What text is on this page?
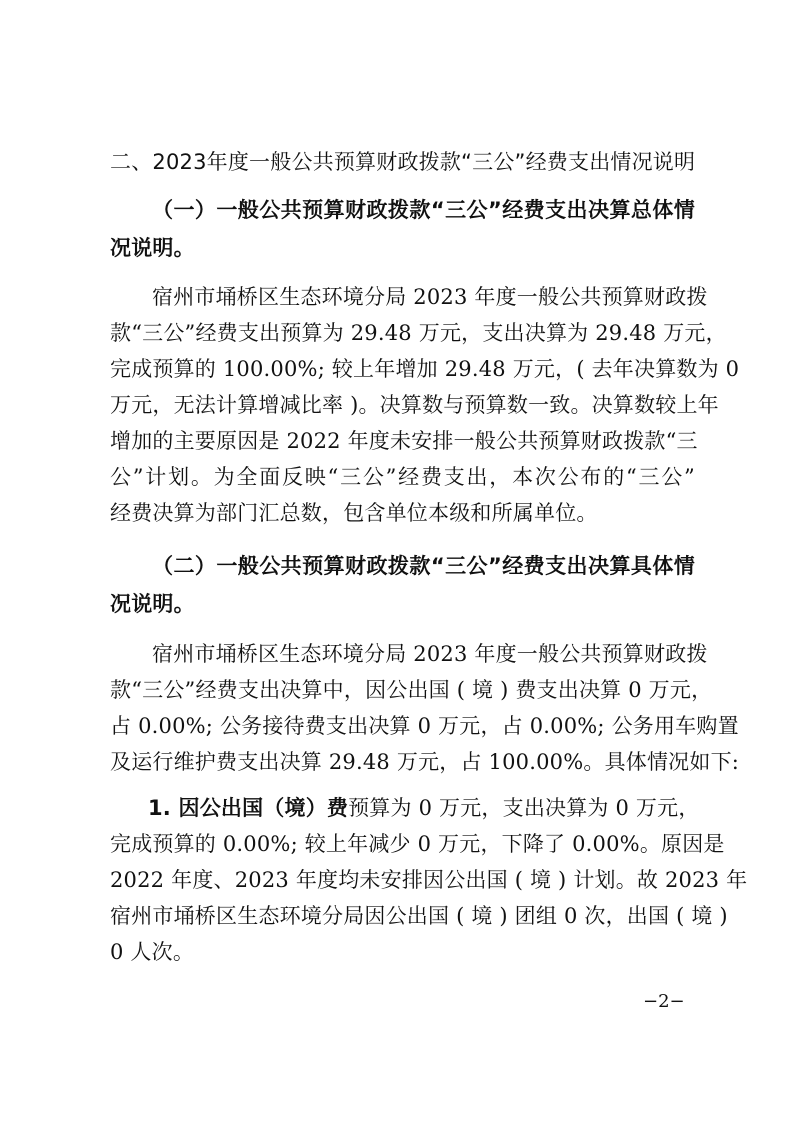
二、2023年度一般公共预算财政拨款“三公”经费支出情况说明
（一）一般公共预算财政拨款“三公”经费支出决算总体情
况说明。
宿州市埇桥区生态环境分局 2023 年度一般公共预算财政拨
款“三公”经费支出预算为 29.48 万元，支出决算为 29.48 万元，
完成预算的 100.00%; 较上年增加 29.48 万元，( 去年决算数为 0
万元，无法计算增减比率 )。决算数与预算数一致。决算数较上年
增加的主要原因是 2022 年度未安排一般公共预算财政拨款“三
公”计划。为全面反映“三公”经费支出，本次公布的“三公”
经费决算为部门汇总数，包含单位本级和所属单位。
（二）一般公共预算财政拨款“三公”经费支出决算具体情
况说明。
宿州市埇桥区生态环境分局 2023 年度一般公共预算财政拨
款“三公”经费支出决算中，因公出国 ( 境 ) 费支出决算 0 万元，
占 0.00%; 公务接待费支出决算 0 万元，占 0.00%; 公务用车购置
及运行维护费支出决算 29.48 万元，占 100.00%。具体情况如下:
1. 因公出国（境）费 预算为 0 万元，支出决算为 0 万元，
完成预算的 0.00%; 较上年减少 0 万元，下降了 0.00%。原因是
2022 年度、2023 年度均未安排因公出国 ( 境 ) 计划。故 2023 年
宿州市埇桥区生态环境分局因公出国 ( 境 ) 团组 0 次，出国 ( 境 )
0 人次。
−2−
